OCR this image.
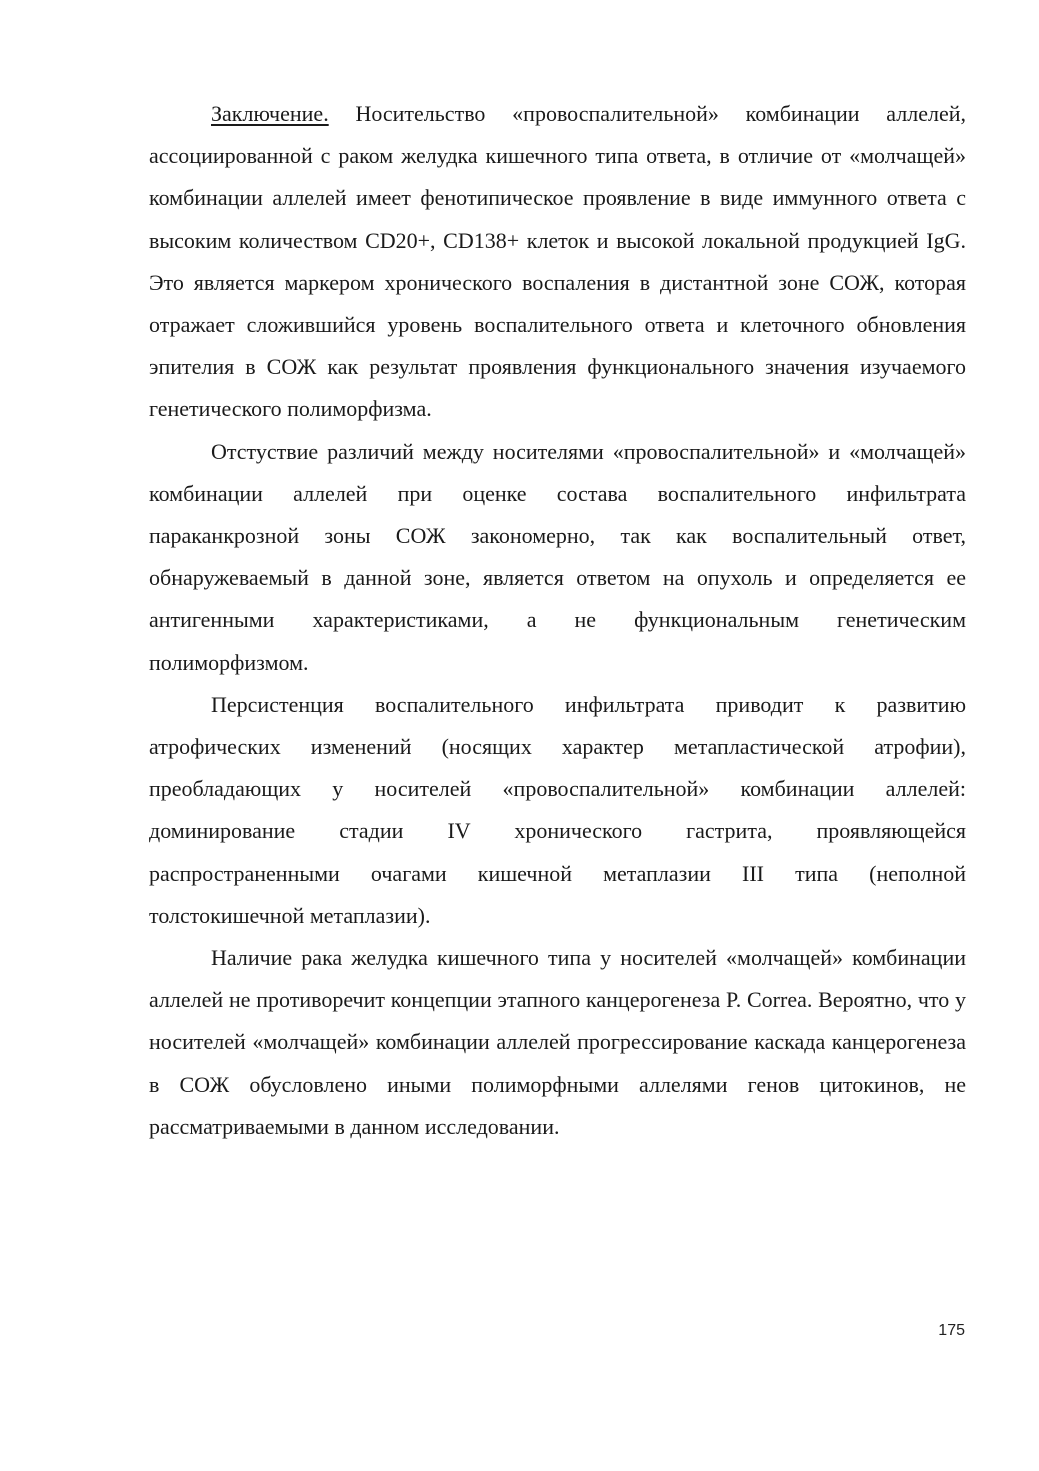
Заключение. Носительство «провоспалительной» комбинации аллелей, ассоциированной с раком желудка кишечного типа ответа, в отличие от «молчащей» комбинации аллелей имеет фенотипическое проявление в виде иммунного ответа с высоким количеством CD20+, CD138+ клеток и высокой локальной продукцией IgG. Это является маркером хронического воспаления в дистантной зоне СОЖ, которая отражает сложившийся уровень воспалительного ответа и клеточного обновления эпителия в СОЖ как результат проявления функционального значения изучаемого генетического полиморфизма.

Отстуствие различий между носителями «провоспалительной» и «молчащей» комбинации аллелей при оценке состава воспалительного инфильтрата параканкрозной зоны СОЖ закономерно, так как воспалительный ответ, обнаружеваемый в данной зоне, является ответом на опухоль и определяется ее антигенными характеристиками, а не функциональным генетическим полиморфизмом.

Персистенция воспалительного инфильтрата приводит к развитию атрофических изменений (носящих характер метапластической атрофии), преобладающих у носителей «провоспалительной» комбинации аллелей: доминирование стадии IV хронического гастрита, проявляющейся распространенными очагами кишечной метаплазии III типа (неполной толстокишечной метаплазии).

Наличие рака желудка кишечного типа у носителей «молчащей» комбинации аллелей не противоречит концепции этапного канцерогенеза P. Correa. Вероятно, что у носителей «молчащей» комбинации аллелей прогрессирование каскада канцерогенеза в СОЖ обусловлено иными полиморфными аллелями генов цитокинов, не рассматриваемыми в данном исследовании.

175
